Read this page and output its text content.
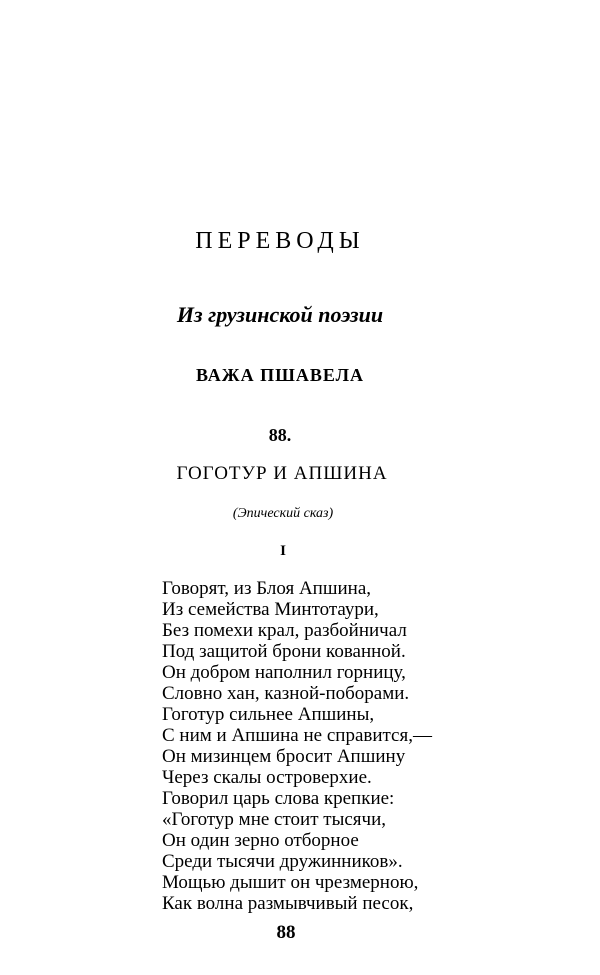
ПЕРЕВОДЫ
Из грузинской поэзии
ВАЖА ПШАВЕЛА
88.
ГОГОТУР И АПШИНА
(Эпический сказ)
I
Говорят, из Блоя Апшина,
Из семейства Минтотаури,
Без помехи крал, разбойничал
Под защитой брони кованной.
Он добром наполнил горницу,
Словно хан, казной-поборами.
Гоготур сильнее Апшины,
С ним и Апшина не справится,—
Он мизинцем бросит Апшину
Через скалы островерхие.
Говорил царь слова крепкие:
«Гоготур мне стоит тысячи,
Он один зерно отборное
Среди тысячи дружинников».
Мощью дышит он чрезмерною,
Как волна размывчивый песок,
88
